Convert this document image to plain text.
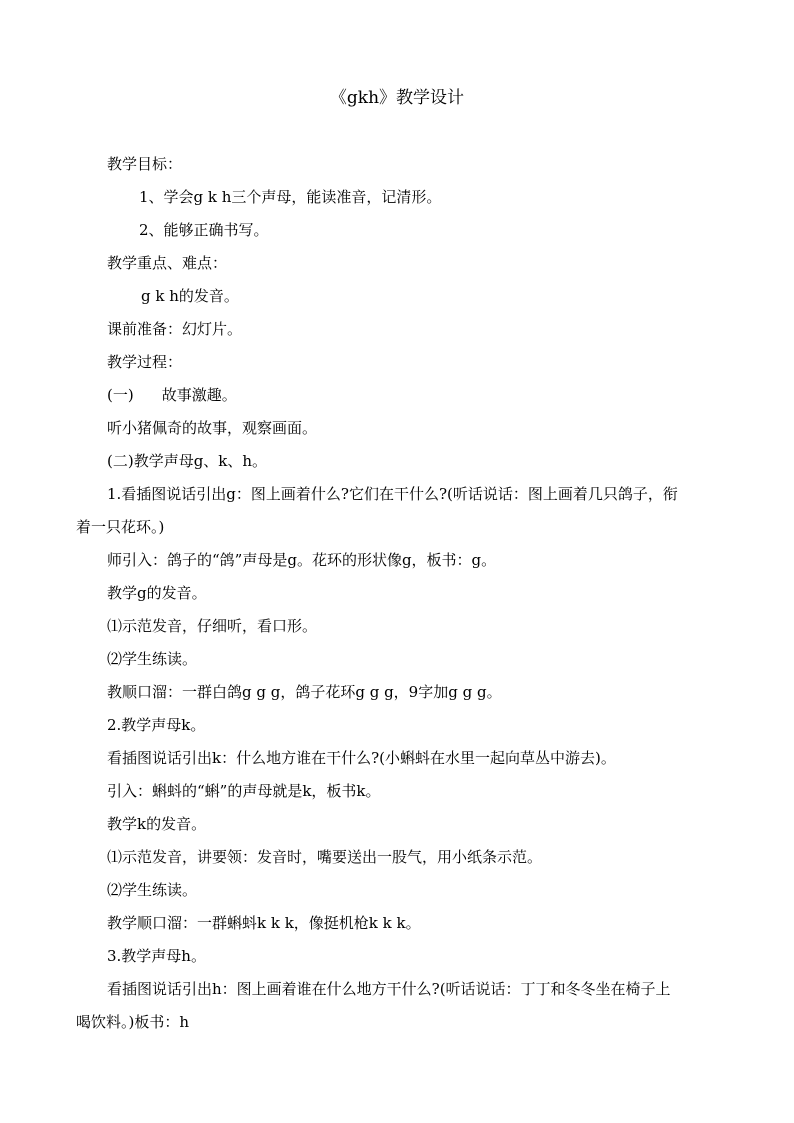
《gkh》教学设计
教学目标：
1、学会g k h三个声母，能读准音，记清形。
2、能够正确书写。
教学重点、难点：
g k h的发音。
课前准备：幻灯片。
教学过程：
(一) 故事激趣。
听小猪佩奇的故事，观察画面。
(二)教学声母g、k、h。
1.看插图说话引出g：图上画着什么?它们在干什么?(听话说话：图上画着几只鸽子，衔
着一只花环。)
师引入：鸽子的“鸽”声母是g。花环的形状像g，板书：g。
教学g的发音。
⑴示范发音，仔细听，看口形。
⑵学生练读。
教顺口溜：一群白鸽g g g，鸽子花环g g g，9字加g g g。
2.教学声母k。
看插图说话引出k：什么地方谁在干什么?(小蝌蚪在水里一起向草丛中游去)。
引入：蝌蚪的“蝌”的声母就是k，板书k。
教学k的发音。
⑴示范发音，讲要领：发音时，嘴要送出一股气，用小纸条示范。
⑵学生练读。
教学顺口溜：一群蝌蚪k k k，像挺机枪k k k。
3.教学声母h。
看插图说话引出h：图上画着谁在什么地方干什么?(听话说话：丁丁和冬冬坐在椅子上
喝饮料。)板书：h
